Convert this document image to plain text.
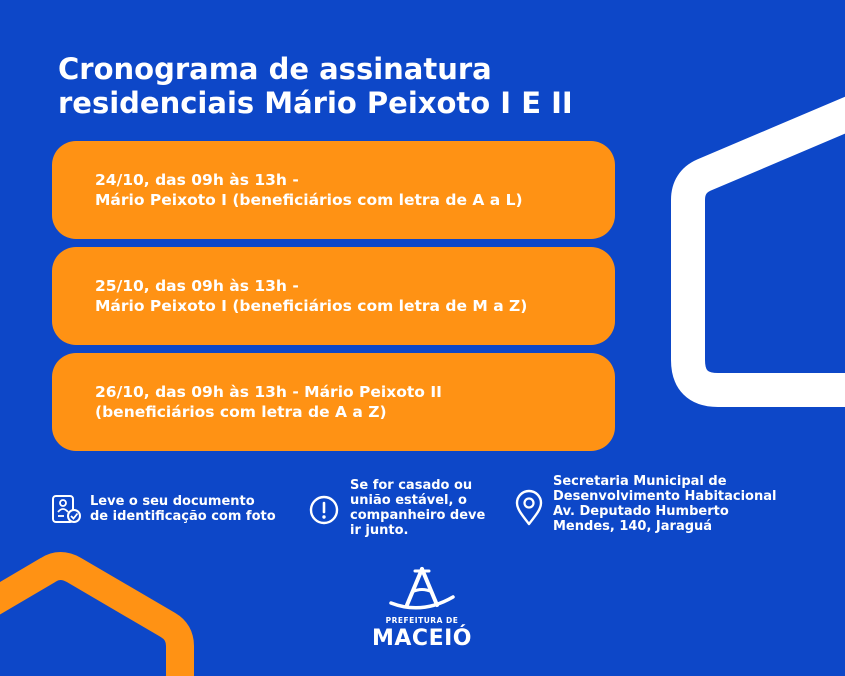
Cronograma de assinatura
residenciais Mário Peixoto I E II
24/10, das 09h às 13h -
Mário Peixoto I (beneficiários com letra de A a L)
25/10, das 09h às 13h -
Mário Peixoto I (beneficiários com letra de M a Z)
26/10, das 09h às 13h - Mário Peixoto II
(beneficiários com letra de A a Z)
Leve o seu documento
de identificação com foto
Se for casado ou
união estável, o
companheiro deve
ir junto.
Secretaria Municipal de
Desenvolvimento Habitacional
Av. Deputado Humberto
Mendes, 140, Jaraguá
PREFEITURA DE
MACEIÓ
